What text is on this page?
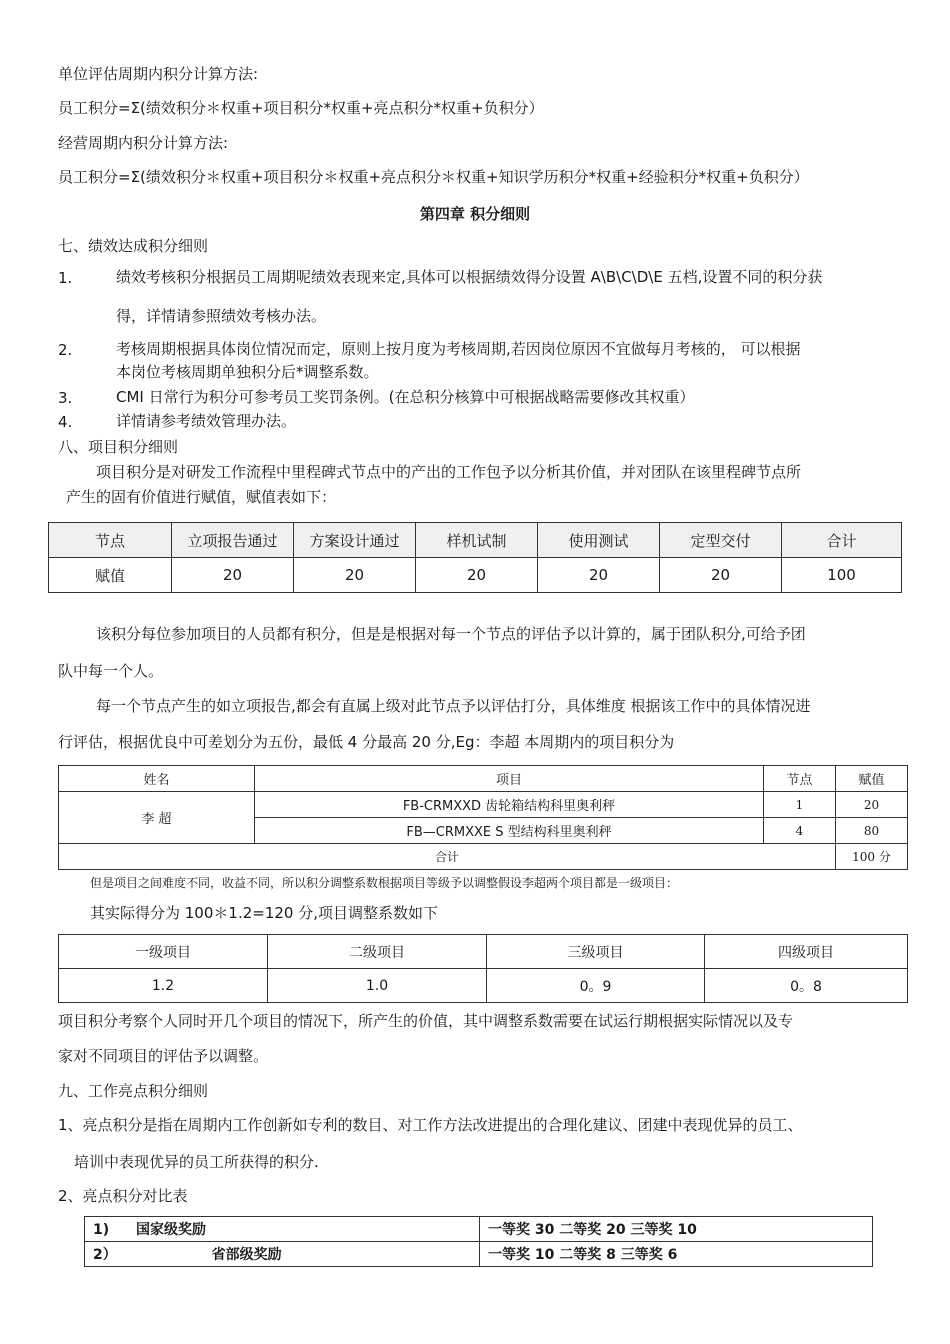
单位评估周期内积分计算方法:
员工积分=Σ(绩效积分＊权重+项目积分*权重+亮点积分*权重+负积分）
经营周期内积分计算方法:
员工积分=Σ(绩效积分＊权重+项目积分＊权重+亮点积分＊权重+知识学历积分*权重+经验积分*权重+负积分）
第四章 积分细则
七、绩效达成积分细则
1.	绩效考核积分根据员工周期呢绩效表现来定,具体可以根据绩效得分设置 A\B\C\D\E 五档,设置不同的积分获
得，详情请参照绩效考核办法。
2.	考核周期根据具体岗位情况而定，原则上按月度为考核周期,若因岗位原因不宜做每月考核的， 可以根据
本岗位考核周期单独积分后*调整系数。
3.	CMI 日常行为积分可参考员工奖罚条例。(在总积分核算中可根据战略需要修改其权重）
4.	详情请参考绩效管理办法。
八、项目积分细则
项目积分是对研发工作流程中里程碑式节点中的产出的工作包予以分析其价值，并对团队在该里程碑节点所
产生的固有价值进行赋值，赋值表如下：
节点	立项报告通过	方案设计通过	样机试制	使用测试	定型交付	合计
赋值	20	20	20	20	20	100
该积分每位参加项目的人员都有积分，但是是根据对每一个节点的评估予以计算的，属于团队积分,可给予团
队中每一个人。
每一个节点产生的如立项报告,都会有直属上级对此节点予以评估打分，具体维度 根据该工作中的具体情况进
行评估，根据优良中可差划分为五份，最低 4 分最高 20 分,Eg：李超 本周期内的项目积分为
姓名	项目	节点	赋值
李 超	FB-CRMXXD 齿轮箱结构科里奥利秤	1	20
	FB—CRMXXE S 型结构科里奥利秤	4	80
合计			100 分
但是项目之间难度不同，收益不同，所以积分调整系数根据项目等级予以调整假设李超两个项目都是一级项目：
其实际得分为 100＊1.2=120 分,项目调整系数如下
一级项目	二级项目	三级项目	四级项目
1.2	1.0	0。9	0。8
项目积分考察个人同时开几个项目的情况下，所产生的价值，其中调整系数需要在试运行期根据实际情况以及专
家对不同项目的评估予以调整。
九、工作亮点积分细则
1、亮点积分是指在周期内工作创新如专利的数目、对工作方法改进提出的合理化建议、团建中表现优异的员工、
培训中表现优异的员工所获得的积分.
2、亮点积分对比表
1) 国家级奖励	一等奖 30 二等奖 20 三等奖 10
2） 省部级奖励	一等奖 10 二等奖 8 三等奖 6
